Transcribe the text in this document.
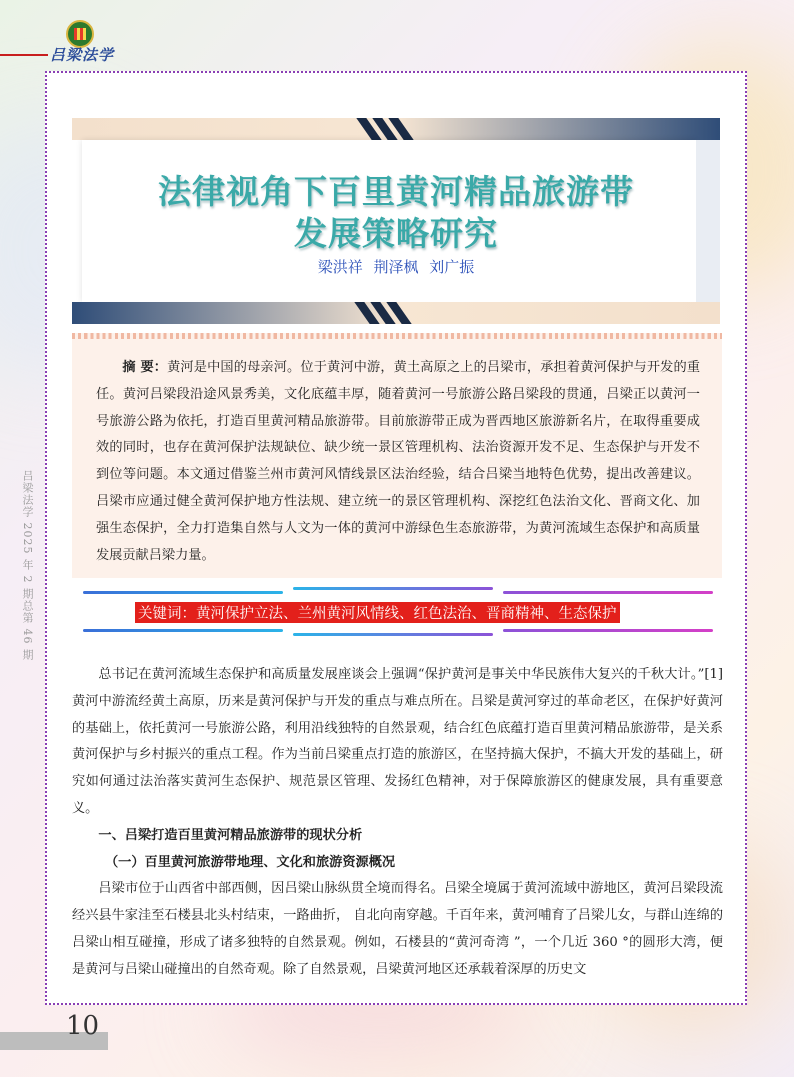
吕梁法学
吕梁法学 2025 年 2 期总第 46 期
法律视角下百里黄河精品旅游带
发展策略研究
梁洪祥 荆泽枫 刘广振

摘 要：黄河是中国的母亲河。位于黄河中游，黄土高原之上的吕梁市，承担着黄河保护与开发的重任。黄河吕梁段沿途风景秀美，文化底蕴丰厚，随着黄河一号旅游公路吕梁段的贯通，吕梁正以黄河一号旅游公路为依托，打造百里黄河精品旅游带。目前旅游带正成为晋西地区旅游新名片，在取得重要成效的同时，也存在黄河保护法规缺位、缺少统一景区管理机构、法治资源开发不足、生态保护与开发不到位等问题。本文通过借鉴兰州市黄河风情线景区法治经验，结合吕梁当地特色优势，提出改善建议。吕梁市应通过健全黄河保护地方性法规、建立统一的景区管理机构、深挖红色法治文化、晋商文化、加强生态保护，全力打造集自然与人文为一体的黄河中游绿色生态旅游带，为黄河流域生态保护和高质量发展贡献吕梁力量。

关键词：黄河保护立法、兰州黄河风情线、红色法治、晋商精神、生态保护

总书记在黄河流域生态保护和高质量发展座谈会上强调“保护黄河是事关中华民族伟大复兴的千秋大计。”[1]黄河中游流经黄土高原，历来是黄河保护与开发的重点与难点所在。吕梁是黄河穿过的革命老区，在保护好黄河的基础上，依托黄河一号旅游公路，利用沿线独特的自然景观，结合红色底蕴打造百里黄河精品旅游带，是关系黄河保护与乡村振兴的重点工程。作为当前吕梁重点打造的旅游区，在坚持搞大保护，不搞大开发的基础上，研究如何通过法治落实黄河生态保护、规范景区管理、发扬红色精神，对于保障旅游区的健康发展，具有重要意义。

一、吕梁打造百里黄河精品旅游带的现状分析

（一）百里黄河旅游带地理、文化和旅游资源概况

吕梁市位于山西省中部西侧，因吕梁山脉纵贯全境而得名。吕梁全境属于黄河流域中游地区，黄河吕梁段流经兴县牛家洼至石楼县北头村结束，一路曲折， 自北向南穿越。千百年来，黄河哺育了吕梁儿女，与群山连绵的吕梁山相互碰撞，形成了诸多独特的自然景观。例如，石楼县的“黄河奇湾 ”，一个几近 360 °的圆形大湾，便是黄河与吕梁山碰撞出的自然奇观。除了自然景观，吕梁黄河地区还承载着深厚的历史文

10
